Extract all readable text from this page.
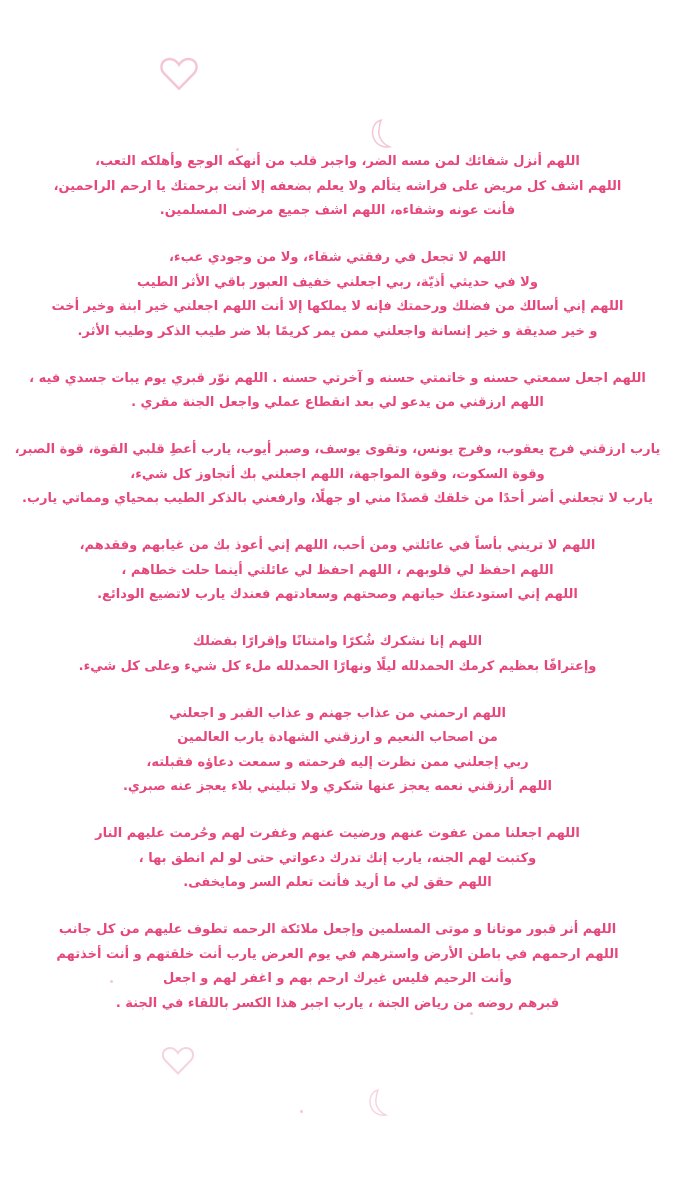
اللهم أنزل شفائك لمن مسه الضر، واجبر قلب من أنهكه الوجع وأهلكه التعب،
اللهم اشف كل مريض على فراشه يتألم ولا يعلم بضعفه إلا أنت برحمتك يا ارحم الراحمين،
فأنت عونه وشفاءه، اللهم اشف جميع مرضى المسلمين.
اللهم لا تجعل في رفقتي شقاء، ولا من وجودي عبء،
ولا في حديثي أذيّة، ربي اجعلني خفيف العبور باقي الأثر الطيب
اللهم إني أسالك من فضلك ورحمتك فإنه لا يملكها إلا أنت اللهم اجعلني خير ابنة وخير أخت
و خير صديقة و خير إنسانة واجعلني ممن يمر كريمًا بلا ضر طيب الذكر وطيب الأثر.
اللهم اجعل سمعتي حسنه و خاتمتي حسنه و آخرتي حسنه . اللهم نوّر قبري يوم يبات جسدي فيه ،
اللهم ارزقني من يدعو لي بعد انقطاع عملي واجعل الجنة مقري .
يارب ارزقني فرج يعقوب، وفرج يونس، وتقوى يوسف، وصبر أيوب، يارب أعطِ قلبي القوة، قوة الصبر،
وقوة السكوت، وقوة المواجهة، اللهم اجعلني بك أتجاوز كل شيء،
يارب لا تجعلني أضر أحدًا من خلقك قصدًا مني او جهلًا، وارفعني بالذكر الطيب بمحياي ومماتي يارب.
اللهم لا تريني بأساً في عائلتي ومن أحب، اللهم إني أعوذ بك من غيابهم وفقدهم،
اللهم احفظ لي قلوبهم ، اللهم احفظ لي عائلتي أينما حلت خطاهم ،
اللهم إني استودعتك حياتهم وصحتهم وسعادتهم فعندك يارب لاتضيع الودائع.
اللهم إنا نشكرك شُكرًا وامتنانًا وإقرارًا بفضلك
وإعترافًا بعظيم كرمك الحمدلله ليلًا ونهارًا الحمدلله ملء كل شيء وعلى كل شيء.
اللهم ارحمني من عذاب جهنم و عذاب القبر و اجعلني
من اصحاب النعيم و ارزقني الشهادة يارب العالمين
ربي إجعلني ممن نظرت إليه فرحمته و سمعت دعاؤه فقبلته،
اللهم أرزقني نعمه يعجز عنها شكري ولا تبليني بلاء يعجز عنه صبري.
اللهم اجعلنا ممن عفوت عنهم ورضيت عنهم وغفرت لهم وحُرمت عليهم النار
وكتبت لهم الجنه، يارب إنك تدرك دعواتي حتى لو لم انطق بها ،
اللهم حقق لي ما أريد فأنت تعلم السر ومايخفى.
اللهم أنر قبور موتانا و موتى المسلمين وإجعل ملائكة الرحمه تطوف عليهم من كل جانب
اللهم ارحمهم في باطن الأرض واسترهم في يوم العرض يارب أنت خلقتهم و أنت أخذتهم
وأنت الرحيم فليس غيرك ارحم بهم و اغفر لهم و اجعل
قبرهم روضه من رياض الجنة ، يارب اجبر هذا الكسر باللقاء في الجنة .
